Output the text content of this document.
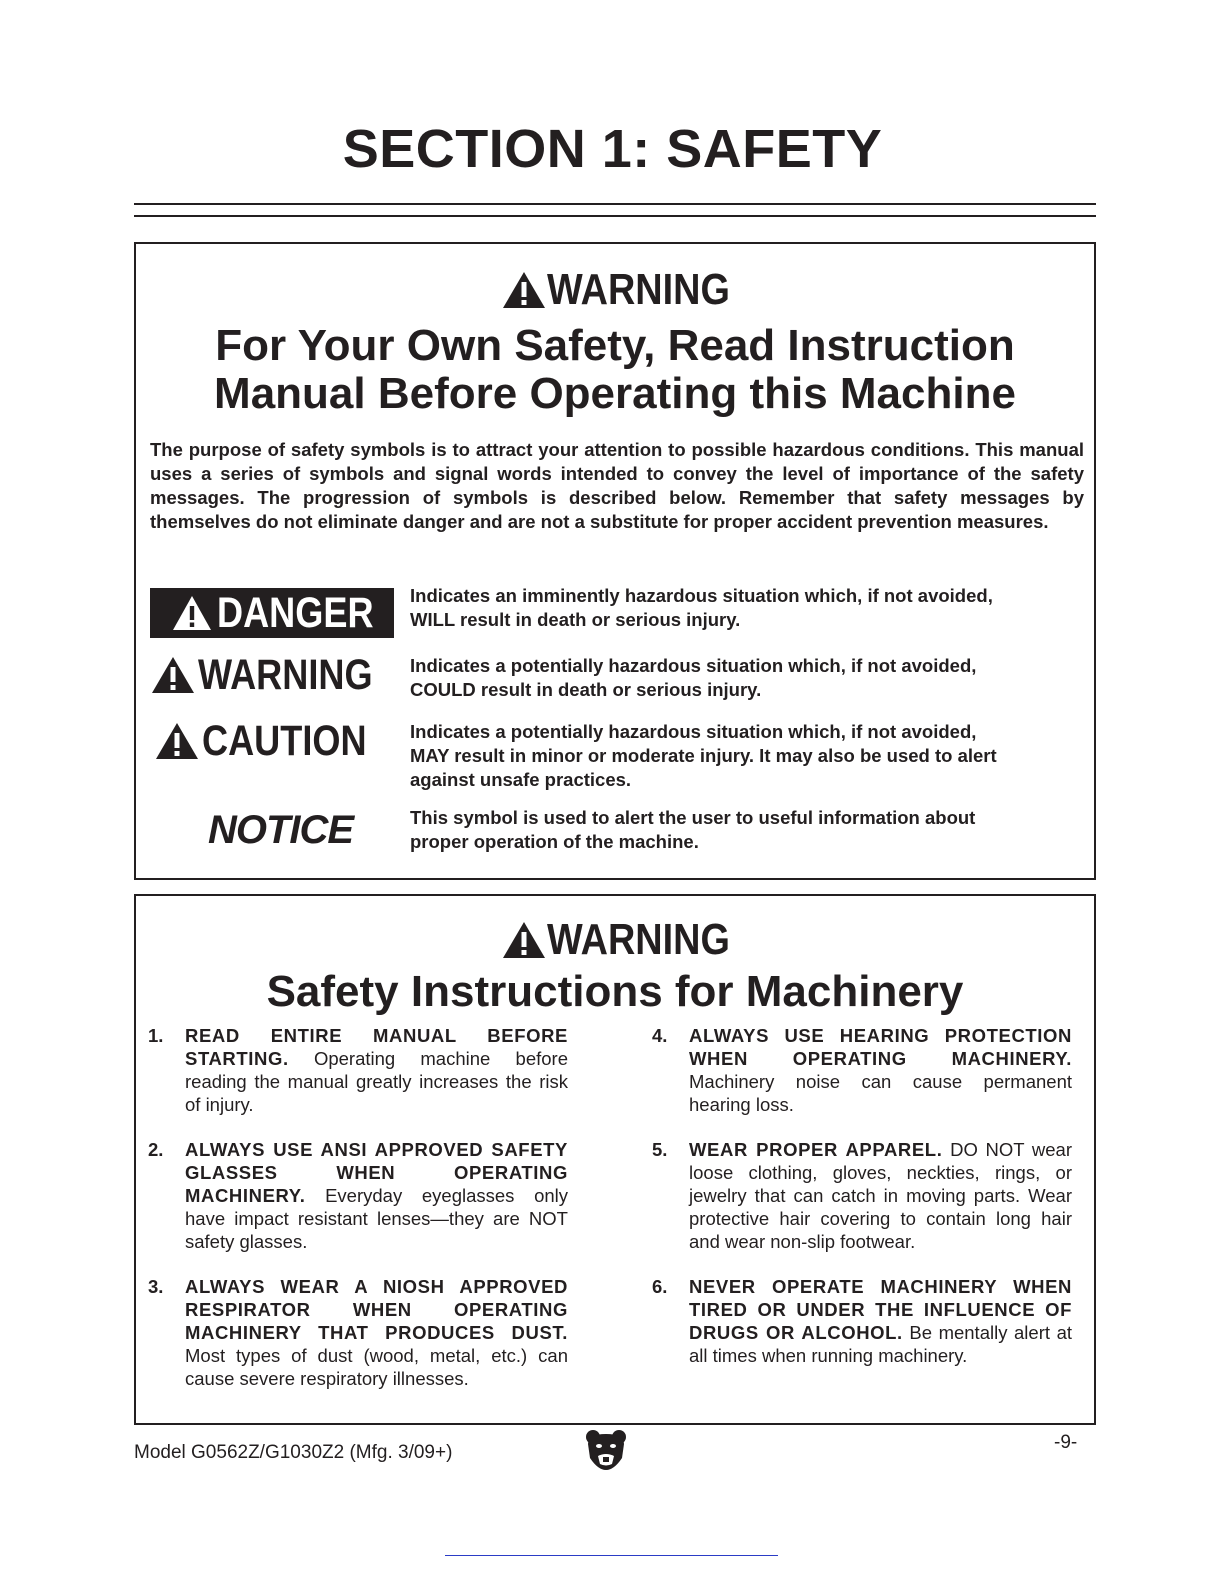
SECTION 1: SAFETY
WARNING
For Your Own Safety, Read Instruction
Manual Before Operating this Machine
The purpose of safety symbols is to attract your attention to possible hazardous conditions. This manual uses a series of symbols and signal words intended to convey the level of importance of the safety messages. The progression of symbols is described below. Remember that safety messages by themselves do not eliminate danger and are not a substitute for proper accident prevention measures.
DANGER Indicates an imminently hazardous situation which, if not avoided,
WILL result in death or serious injury.
WARNING Indicates a potentially hazardous situation which, if not avoided,
COULD result in death or serious injury.
CAUTION Indicates a potentially hazardous situation which, if not avoided,
MAY result in minor or moderate injury. It may also be used to alert
against unsafe practices.
NOTICE	This symbol is used to alert the user to useful information about
proper operation of the machine.
WARNING
Safety Instructions for Machinery
1. READ ENTIRE MANUAL BEFORE STARTING. Operating machine before reading the manual greatly increases the risk of injury.
2. ALWAYS USE ANSI APPROVED SAFETY GLASSES WHEN OPERATING MACHINERY. Everyday eyeglasses only have impact resistant lenses—they are NOT safety glasses.
3. ALWAYS WEAR A NIOSH APPROVED RESPIRATOR WHEN OPERATING MACHINERY THAT PRODUCES DUST. Most types of dust (wood, metal, etc.) can cause severe respiratory illnesses.
4. ALWAYS USE HEARING PROTECTION WHEN OPERATING MACHINERY. Machinery noise can cause permanent hearing loss.
5. WEAR PROPER APPAREL. DO NOT wear loose clothing, gloves, neckties, rings, or jewelry that can catch in moving parts. Wear protective hair covering to contain long hair and wear non-slip footwear.
6. NEVER OPERATE MACHINERY WHEN TIRED OR UNDER THE INFLUENCE OF DRUGS OR ALCOHOL. Be mentally alert at all times when running machinery.
Model G0562Z/G1030Z2 (Mfg. 3/09+)	-9-
